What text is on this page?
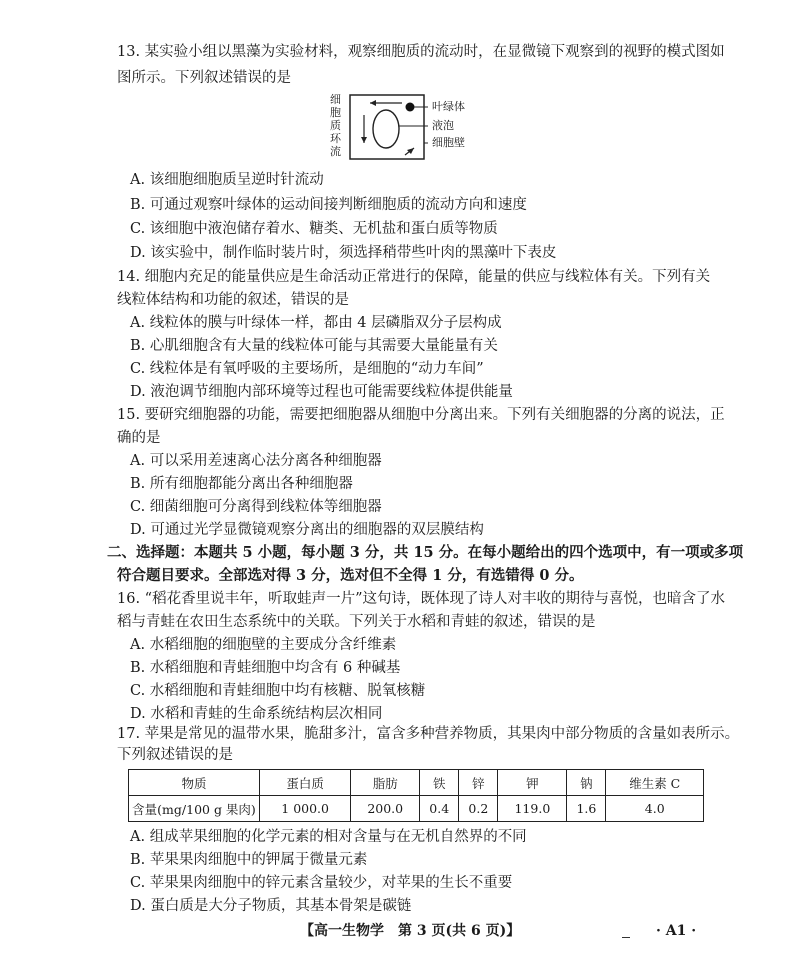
13. 某实验小组以黑藻为实验材料，观察细胞质的流动时，在显微镜下观察到的视野的模式图如
图所示。下列叙述错误的是
细
胞
质
环
流
叶绿体
液泡
细胞壁
A. 该细胞细胞质呈逆时针流动
B. 可通过观察叶绿体的运动间接判断细胞质的流动方向和速度
C. 该细胞中液泡储存着水、糖类、无机盐和蛋白质等物质
D. 该实验中，制作临时装片时，须选择稍带些叶肉的黑藻叶下表皮
14. 细胞内充足的能量供应是生命活动正常进行的保障，能量的供应与线粒体有关。下列有关
线粒体结构和功能的叙述，错误的是
A. 线粒体的膜与叶绿体一样，都由 4 层磷脂双分子层构成
B. 心肌细胞含有大量的线粒体可能与其需要大量能量有关
C. 线粒体是有氧呼吸的主要场所，是细胞的“动力车间”
D. 液泡调节细胞内部环境等过程也可能需要线粒体提供能量
15. 要研究细胞器的功能，需要把细胞器从细胞中分离出来。下列有关细胞器的分离的说法，正
确的是
A. 可以采用差速离心法分离各种细胞器
B. 所有细胞都能分离出各种细胞器
C. 细菌细胞可分离得到线粒体等细胞器
D. 可通过光学显微镜观察分离出的细胞器的双层膜结构
二、选择题：本题共 5 小题，每小题 3 分，共 15 分。在每小题给出的四个选项中，有一项或多项
符合题目要求。全部选对得 3 分，选对但不全得 1 分，有选错得 0 分。
16. “稻花香里说丰年，听取蛙声一片”这句诗，既体现了诗人对丰收的期待与喜悦，也暗含了水
稻与青蛙在农田生态系统中的关联。下列关于水稻和青蛙的叙述，错误的是
A. 水稻细胞的细胞壁的主要成分含纤维素
B. 水稻细胞和青蛙细胞中均含有 6 种碱基
C. 水稻细胞和青蛙细胞中均有核糖、脱氧核糖
D. 水稻和青蛙的生命系统结构层次相同
17. 苹果是常见的温带水果，脆甜多汁，富含多种营养物质，其果肉中部分物质的含量如表所示。
下列叙述错误的是
物质	蛋白质	脂肪	铁	锌	钾	钠	维生素 C
含量(mg/100 g 果肉)	1 000.0	200.0	0.4	0.2	119.0	1.6	4.0
A. 组成苹果细胞的化学元素的相对含量与在无机自然界的不同
B. 苹果果肉细胞中的钾属于微量元素
C. 苹果果肉细胞中的锌元素含量较少，对苹果的生长不重要
D. 蛋白质是大分子物质，其基本骨架是碳链
【高一生物学　第 3 页(共 6 页)】	· A1 ·
